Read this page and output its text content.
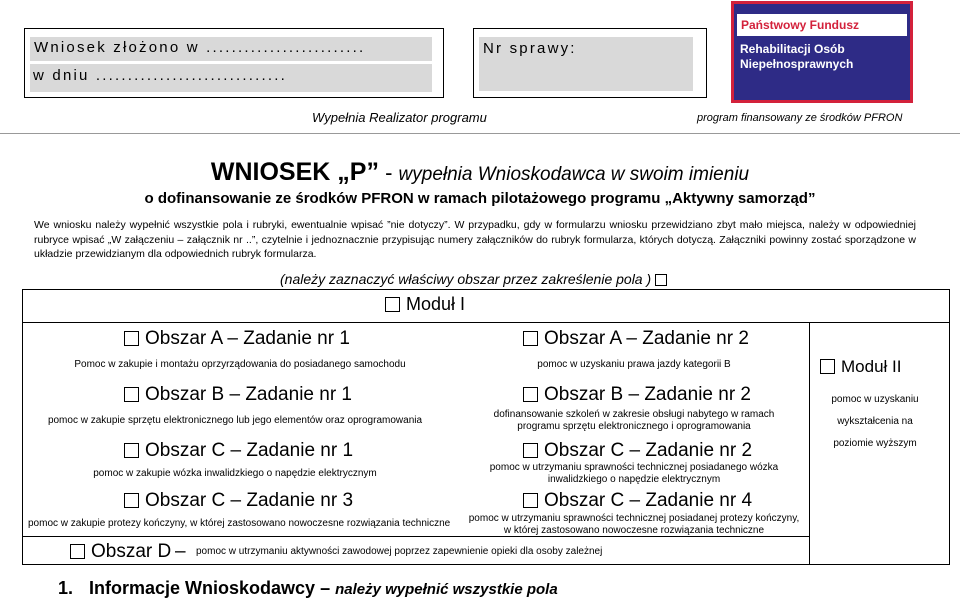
Wniosek złożono w .........................
w dniu ..............................
Nr sprawy:
Wypełnia Realizator programu	program finansowany ze środków PFRON
Państwowy Fundusz
Rehabilitacji Osób
Niepełnosprawnych
WNIOSEK „P” - wypełnia Wnioskodawca w swoim imieniu
o dofinansowanie ze środków PFRON w ramach pilotażowego programu „Aktywny samorząd”
We wniosku należy wypełnić wszystkie pola i rubryki, ewentualnie wpisać ”nie dotyczy”. W przypadku, gdy w formularzu wniosku przewidziano zbyt mało miejsca, należy w odpowiedniej rubryce wpisać „W załączeniu – załącznik nr ..”, czytelnie i jednoznacznie przypisując numery załączników do rubryk formularza, których dotyczą. Załączniki powinny zostać sporządzone w układzie przewidzianym dla odpowiednich rubryk formularza.
(należy zaznaczyć właściwy obszar przez zakreślenie pola )
Moduł I
Obszar A – Zadanie nr 1
Pomoc w zakupie i montażu oprzyrządowania do posiadanego samochodu
Obszar A – Zadanie nr 2
pomoc w uzyskaniu prawa jazdy kategorii B
Obszar B – Zadanie nr 1
pomoc w zakupie sprzętu elektronicznego lub jego elementów oraz oprogramowania
Obszar B – Zadanie nr 2
dofinansowanie szkoleń w zakresie obsługi nabytego w ramach programu sprzętu elektronicznego i oprogramowania
Obszar C – Zadanie nr 1
pomoc w zakupie wózka inwalidzkiego o napędzie elektrycznym
Obszar C – Zadanie nr 2
pomoc w utrzymaniu sprawności technicznej posiadanego wózka inwalidzkiego o napędzie elektrycznym
Obszar C – Zadanie nr 3
pomoc w zakupie protezy kończyny, w której zastosowano nowoczesne rozwiązania techniczne
Obszar C – Zadanie nr 4
pomoc w utrzymaniu sprawności technicznej posiadanej protezy kończyny, w której zastosowano nowoczesne rozwiązania techniczne
Obszar D – pomoc w utrzymaniu aktywności zawodowej poprzez zapewnienie opieki dla osoby zależnej
Moduł II
pomoc w uzyskaniu
wykształcenia na
poziomie wyższym
1. Informacje Wnioskodawcy – należy wypełnić wszystkie pola
